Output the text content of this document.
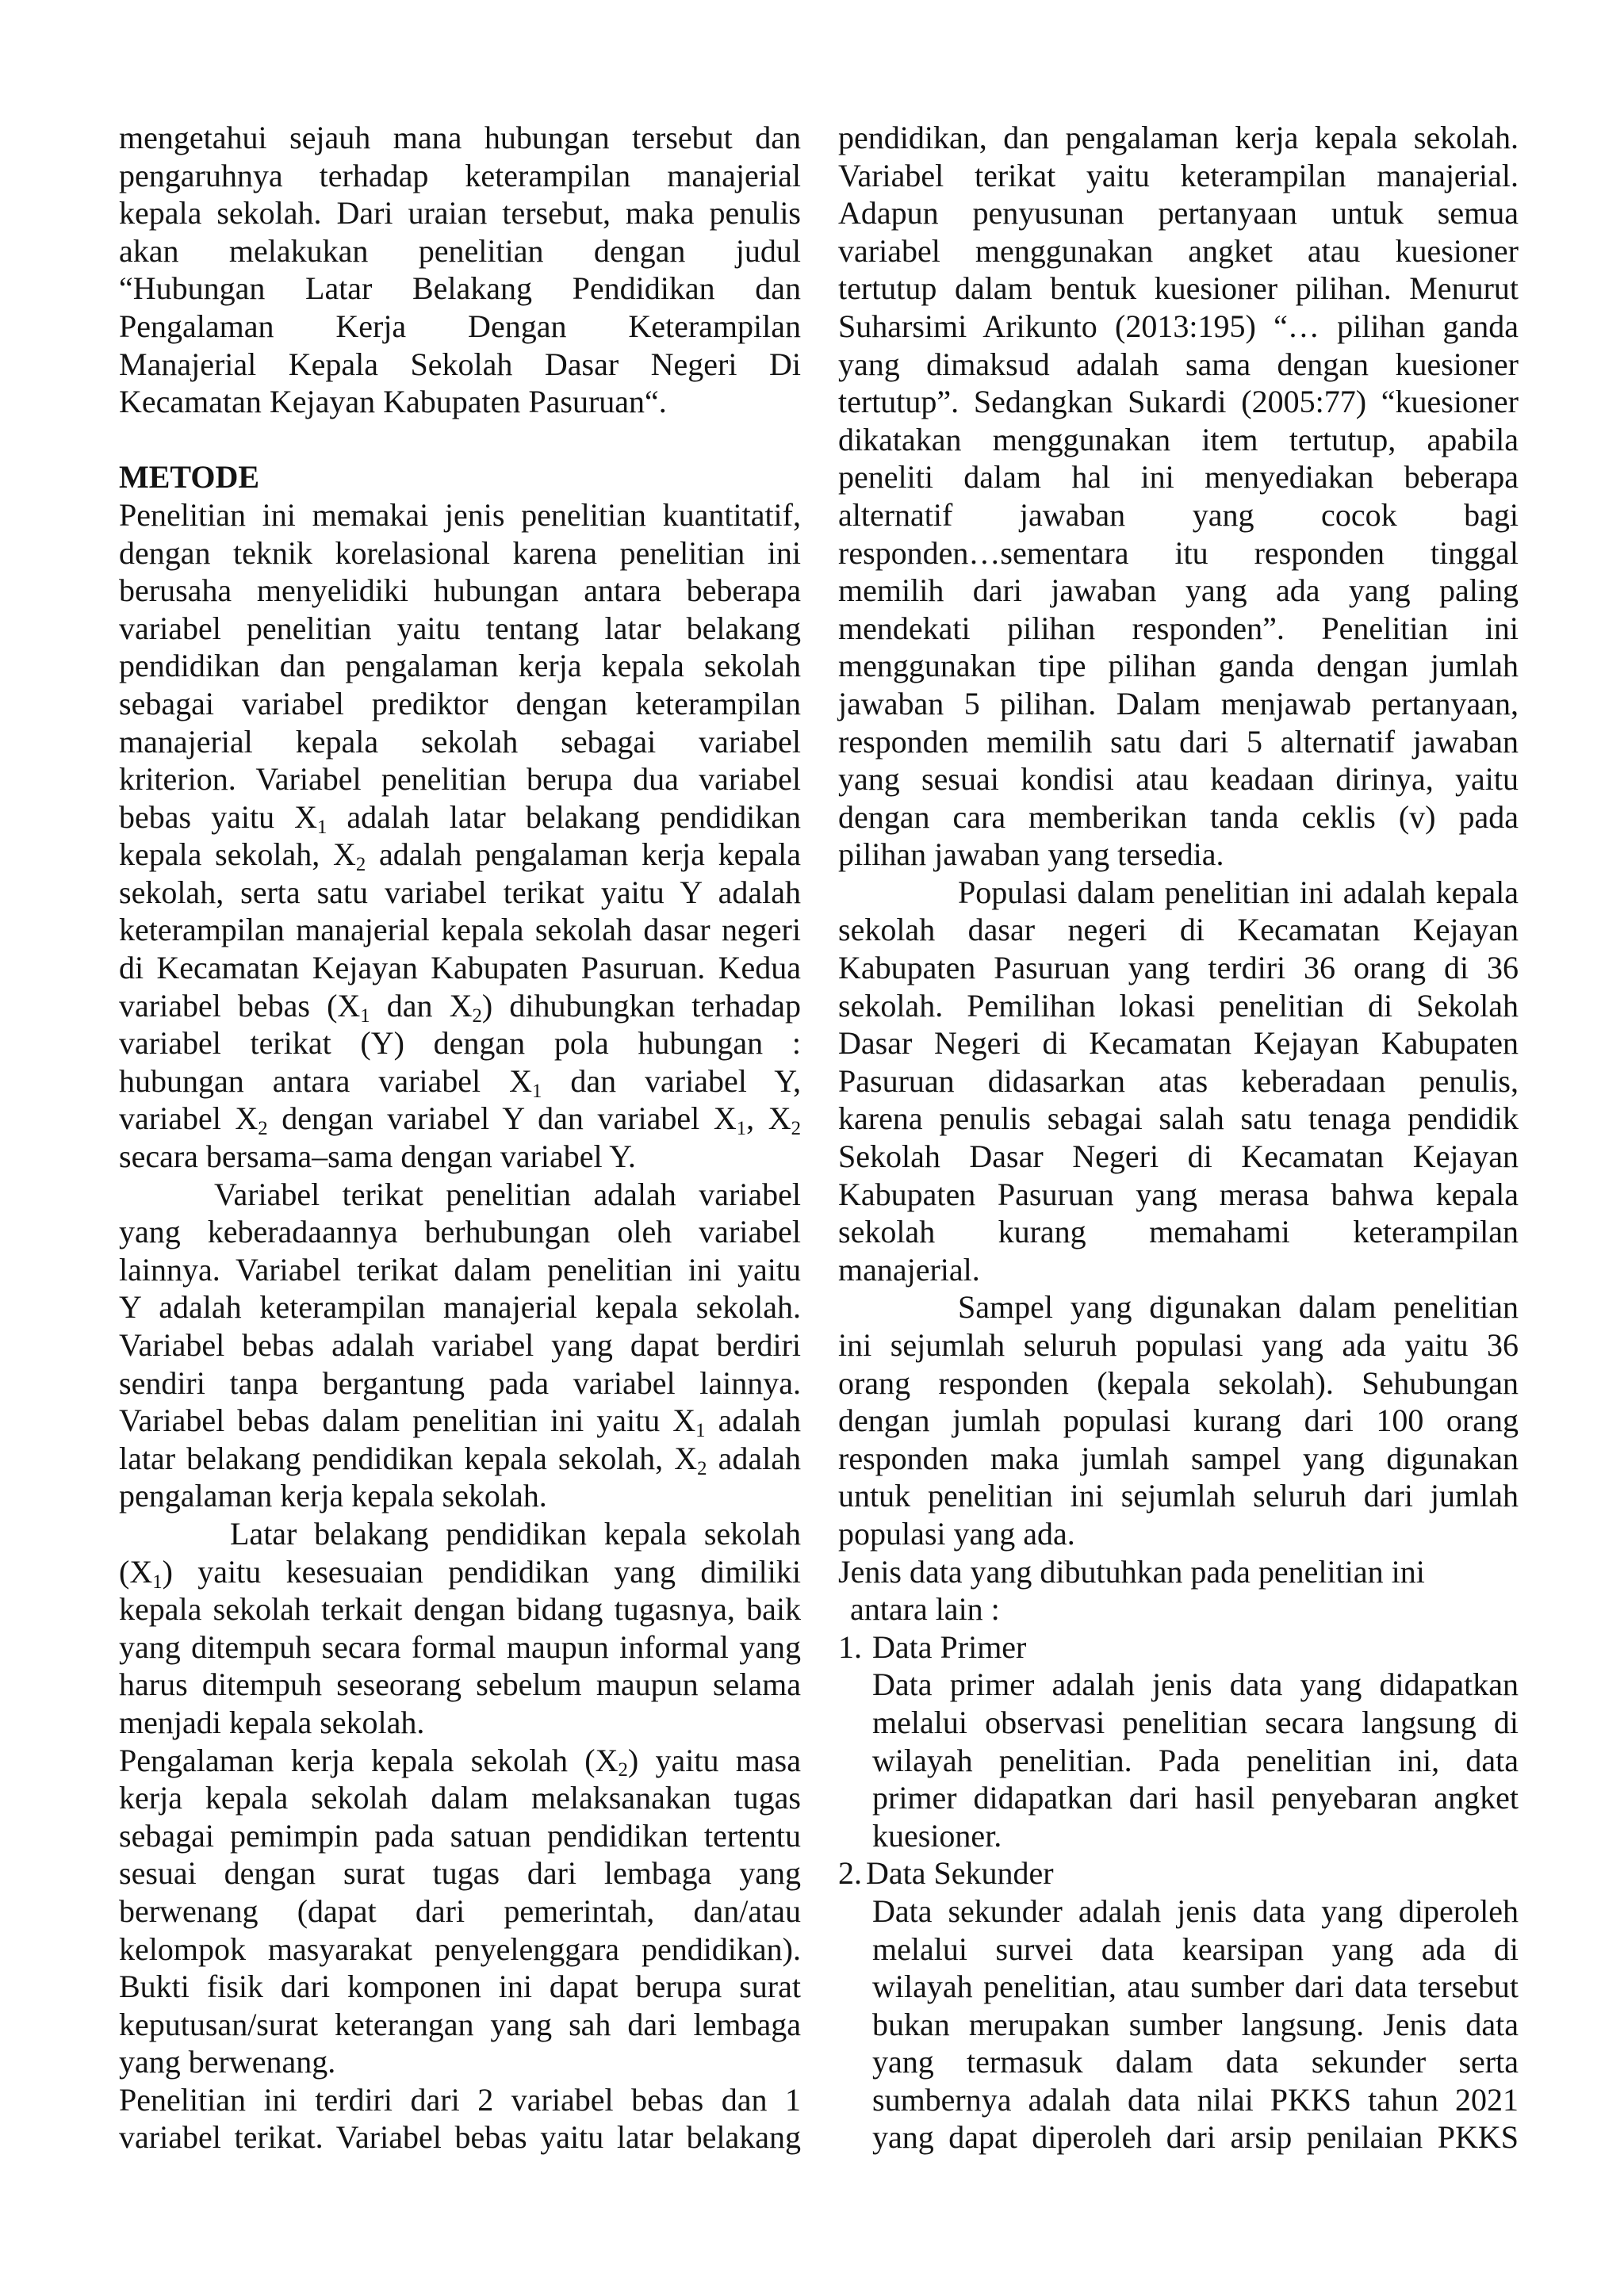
mengetahui sejauh mana hubungan tersebut dan
pengaruhnya terhadap keterampilan manajerial
kepala sekolah. Dari uraian tersebut, maka penulis
akan melakukan penelitian dengan judul
“Hubungan Latar Belakang Pendidikan dan
Pengalaman Kerja Dengan Keterampilan
Manajerial Kepala Sekolah Dasar Negeri Di
Kecamatan Kejayan Kabupaten Pasuruan“.
METODE
Penelitian ini memakai jenis penelitian kuantitatif,
dengan teknik korelasional karena penelitian ini
berusaha menyelidiki hubungan antara beberapa
variabel penelitian yaitu tentang latar belakang
pendidikan dan pengalaman kerja kepala sekolah
sebagai variabel prediktor dengan keterampilan
manajerial kepala sekolah sebagai variabel
kriterion. Variabel penelitian berupa dua variabel
bebas yaitu $X_1$ adalah latar belakang pendidikan
kepala sekolah, $X_2$ adalah pengalaman kerja kepala
sekolah, serta satu variabel terikat yaitu Y adalah
keterampilan manajerial kepala sekolah dasar negeri
di Kecamatan Kejayan Kabupaten Pasuruan. Kedua
variabel bebas ($X_1$ dan $X_2$) dihubungkan terhadap
variabel terikat (Y) dengan pola hubungan :
hubungan antara variabel $X_1$ dan variabel Y,
variabel $X_2$ dengan variabel Y dan variabel $X_1$, $X_2$
secara bersama–sama dengan variabel Y.
Variabel terikat penelitian adalah variabel
yang keberadaannya berhubungan oleh variabel
lainnya. Variabel terikat dalam penelitian ini yaitu
Y adalah keterampilan manajerial kepala sekolah.
Variabel bebas adalah variabel yang dapat berdiri
sendiri tanpa bergantung pada variabel lainnya.
Variabel bebas dalam penelitian ini yaitu $X_1$ adalah
latar belakang pendidikan kepala sekolah, $X_2$ adalah
pengalaman kerja kepala sekolah.
Latar belakang pendidikan kepala sekolah
$(X_1)$ yaitu kesesuaian pendidikan yang dimiliki
kepala sekolah terkait dengan bidang tugasnya, baik
yang ditempuh secara formal maupun informal yang
harus ditempuh seseorang sebelum maupun selama
menjadi kepala sekolah.
Pengalaman kerja kepala sekolah $(X_2)$ yaitu masa
kerja kepala sekolah dalam melaksanakan tugas
sebagai pemimpin pada satuan pendidikan tertentu
sesuai dengan surat tugas dari lembaga yang
berwenang (dapat dari pemerintah, dan/atau
kelompok masyarakat penyelenggara pendidikan).
Bukti fisik dari komponen ini dapat berupa surat
keputusan/surat keterangan yang sah dari lembaga
yang berwenang.
Penelitian ini terdiri dari 2 variabel bebas dan 1
variabel terikat. Variabel bebas yaitu latar belakang
pendidikan, dan pengalaman kerja kepala sekolah.
Variabel terikat yaitu keterampilan manajerial.
Adapun penyusunan pertanyaan untuk semua
variabel menggunakan angket atau kuesioner
tertutup dalam bentuk kuesioner pilihan. Menurut
Suharsimi Arikunto (2013:195) “… pilihan ganda
yang dimaksud adalah sama dengan kuesioner
tertutup”. Sedangkan Sukardi (2005:77) “kuesioner
dikatakan menggunakan item tertutup, apabila
peneliti dalam hal ini menyediakan beberapa
alternatif jawaban yang cocok bagi
responden…sementara itu responden tinggal
memilih dari jawaban yang ada yang paling
mendekati pilihan responden”. Penelitian ini
menggunakan tipe pilihan ganda dengan jumlah
jawaban 5 pilihan. Dalam menjawab pertanyaan,
responden memilih satu dari 5 alternatif jawaban
yang sesuai kondisi atau keadaan dirinya, yaitu
dengan cara memberikan tanda ceklis (v) pada
pilihan jawaban yang tersedia.
Populasi dalam penelitian ini adalah kepala
sekolah dasar negeri di Kecamatan Kejayan
Kabupaten Pasuruan yang terdiri 36 orang di 36
sekolah. Pemilihan lokasi penelitian di Sekolah
Dasar Negeri di Kecamatan Kejayan Kabupaten
Pasuruan didasarkan atas keberadaan penulis,
karena penulis sebagai salah satu tenaga pendidik
Sekolah Dasar Negeri di Kecamatan Kejayan
Kabupaten Pasuruan yang merasa bahwa kepala
sekolah kurang memahami keterampilan
manajerial.
Sampel yang digunakan dalam penelitian
ini sejumlah seluruh populasi yang ada yaitu 36
orang responden (kepala sekolah). Sehubungan
dengan jumlah populasi kurang dari 100 orang
responden maka jumlah sampel yang digunakan
untuk penelitian ini sejumlah seluruh dari jumlah
populasi yang ada.
Jenis data yang dibutuhkan pada penelitian ini
antara lain :
1. Data Primer
Data primer adalah jenis data yang didapatkan
melalui observasi penelitian secara langsung di
wilayah penelitian. Pada penelitian ini, data
primer didapatkan dari hasil penyebaran angket
kuesioner.
2. Data Sekunder
Data sekunder adalah jenis data yang diperoleh
melalui survei data kearsipan yang ada di
wilayah penelitian, atau sumber dari data tersebut
bukan merupakan sumber langsung. Jenis data
yang termasuk dalam data sekunder serta
sumbernya adalah data nilai PKKS tahun 2021
yang dapat diperoleh dari arsip penilaian PKKS
